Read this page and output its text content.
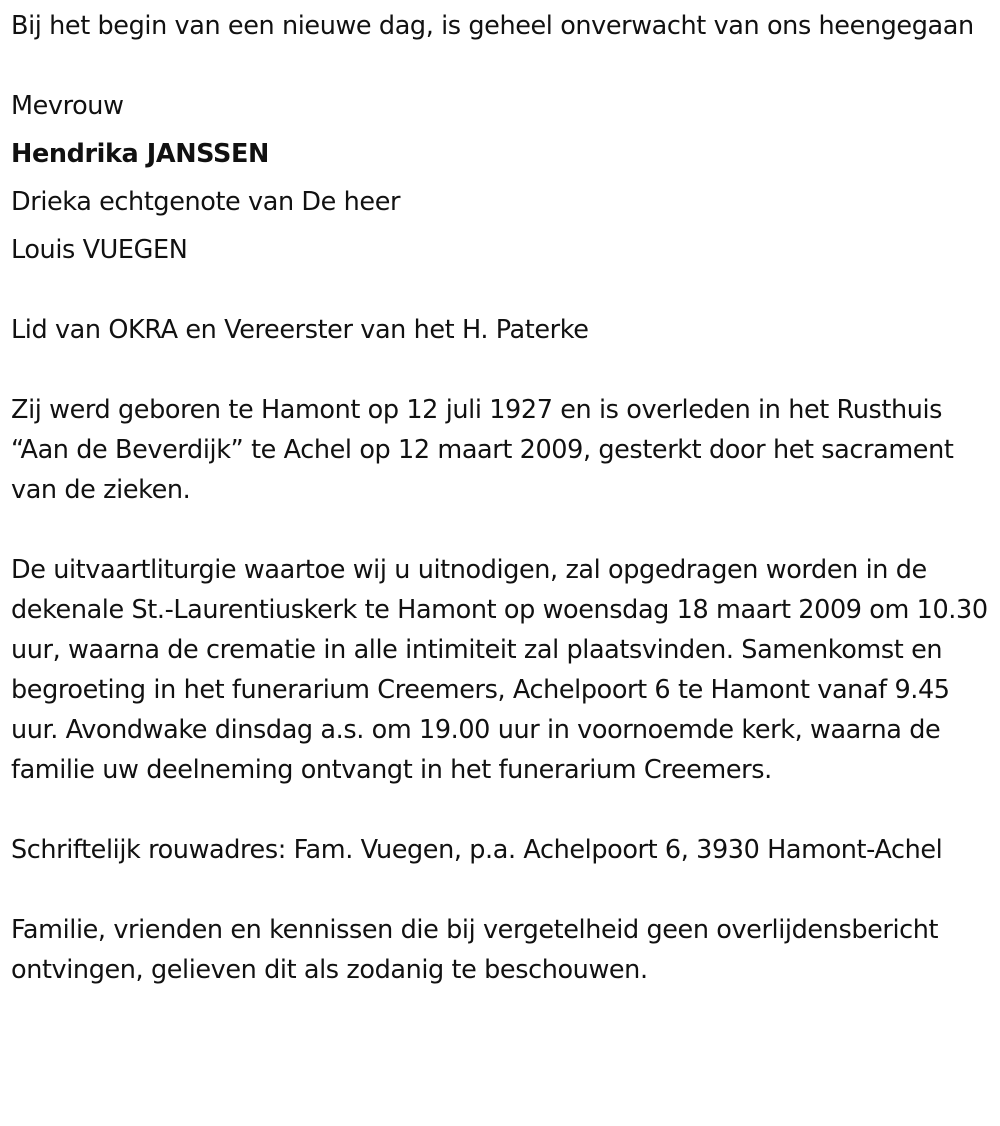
Bij het begin van een nieuwe dag, is geheel onverwacht van ons heengegaan

Mevrouw
Hendrika JANSSEN
Drieka echtgenote van De heer
Louis VUEGEN

Lid van OKRA en Vereerster van het H. Paterke

Zij werd geboren te Hamont op 12 juli 1927 en is overleden in het Rusthuis “Aan de Beverdijk” te Achel op 12 maart 2009, gesterkt door het sacrament van de zieken.

De uitvaartliturgie waartoe wij u uitnodigen, zal opgedragen worden in de dekenale St.-Laurentiuskerk te Hamont op woensdag 18 maart 2009 om 10.30 uur, waarna de crematie in alle intimiteit zal plaatsvinden. Samenkomst en begroeting in het funerarium Creemers, Achelpoort 6 te Hamont vanaf 9.45 uur. Avondwake dinsdag a.s. om 19.00 uur in voornoemde kerk, waarna de familie uw deelneming ontvangt in het funerarium Creemers.

Schriftelijk rouwadres: Fam. Vuegen, p.a. Achelpoort 6, 3930 Hamont-Achel

Familie, vrienden en kennissen die bij vergetelheid geen overlijdensbericht ontvingen, gelieven dit als zodanig te beschouwen.
